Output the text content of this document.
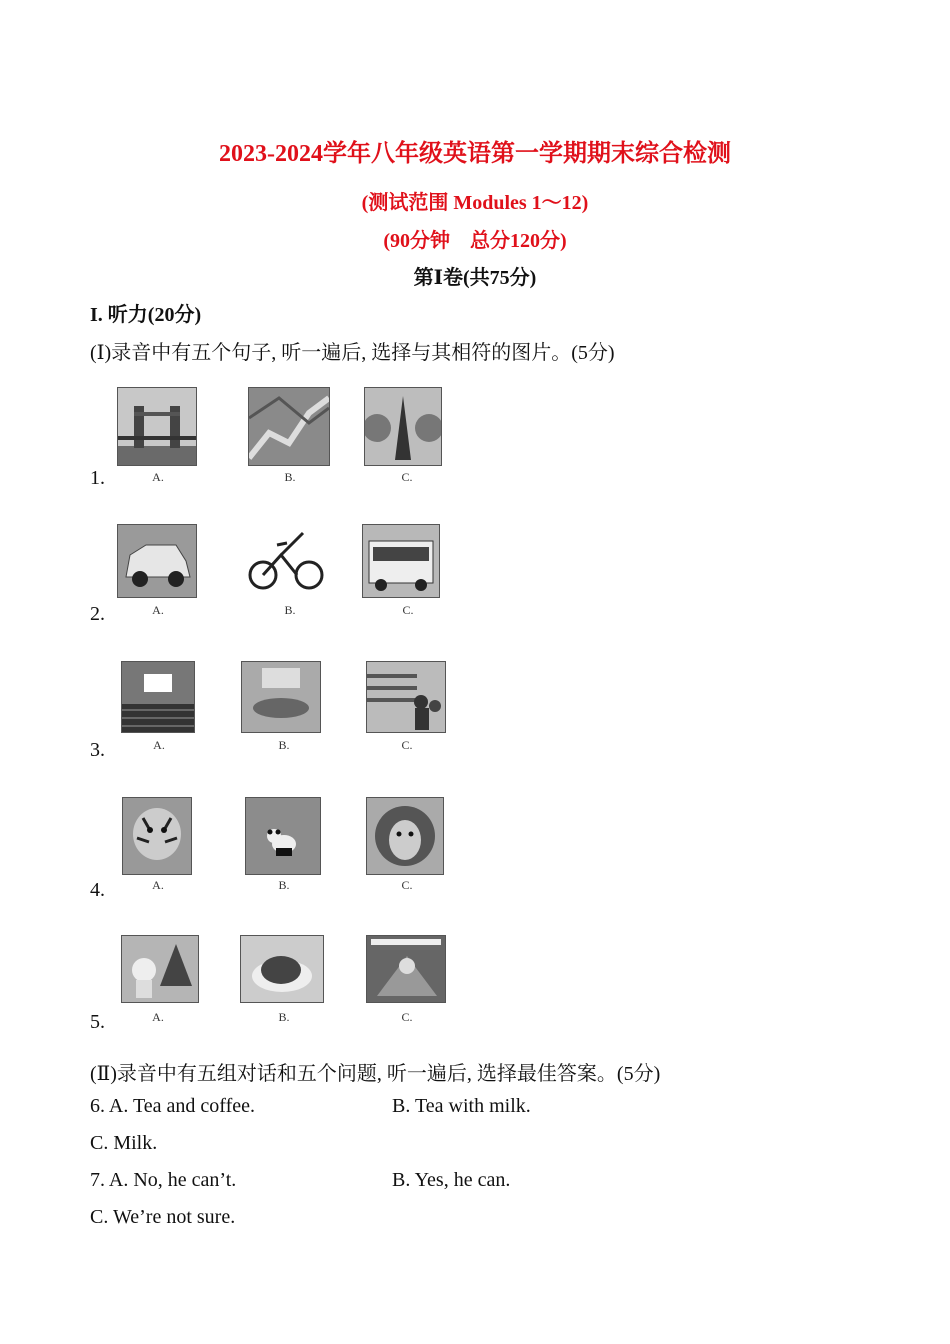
2023-2024学年八年级英语第一学期期末综合检测
(测试范围 Modules 1～12)
(90分钟　总分120分)
第Ⅰ卷(共75分)
I. 听力(20分)
(Ⅰ)录音中有五个句子, 听一遍后, 选择与其相符的图片。(5分)
1.	A.	B.	C.
2.	A.	B.	C.
3.	A.	B.	C.
4.	A.	B.	C.
5.	A.	B.	C.
(Ⅱ)录音中有五组对话和五个问题, 听一遍后, 选择最佳答案。(5分)
6. A. Tea and coffee.	B. Tea with milk.
C. Milk.
7. A. No, he can’t.	B. Yes, he can.
C. We’re not sure.
